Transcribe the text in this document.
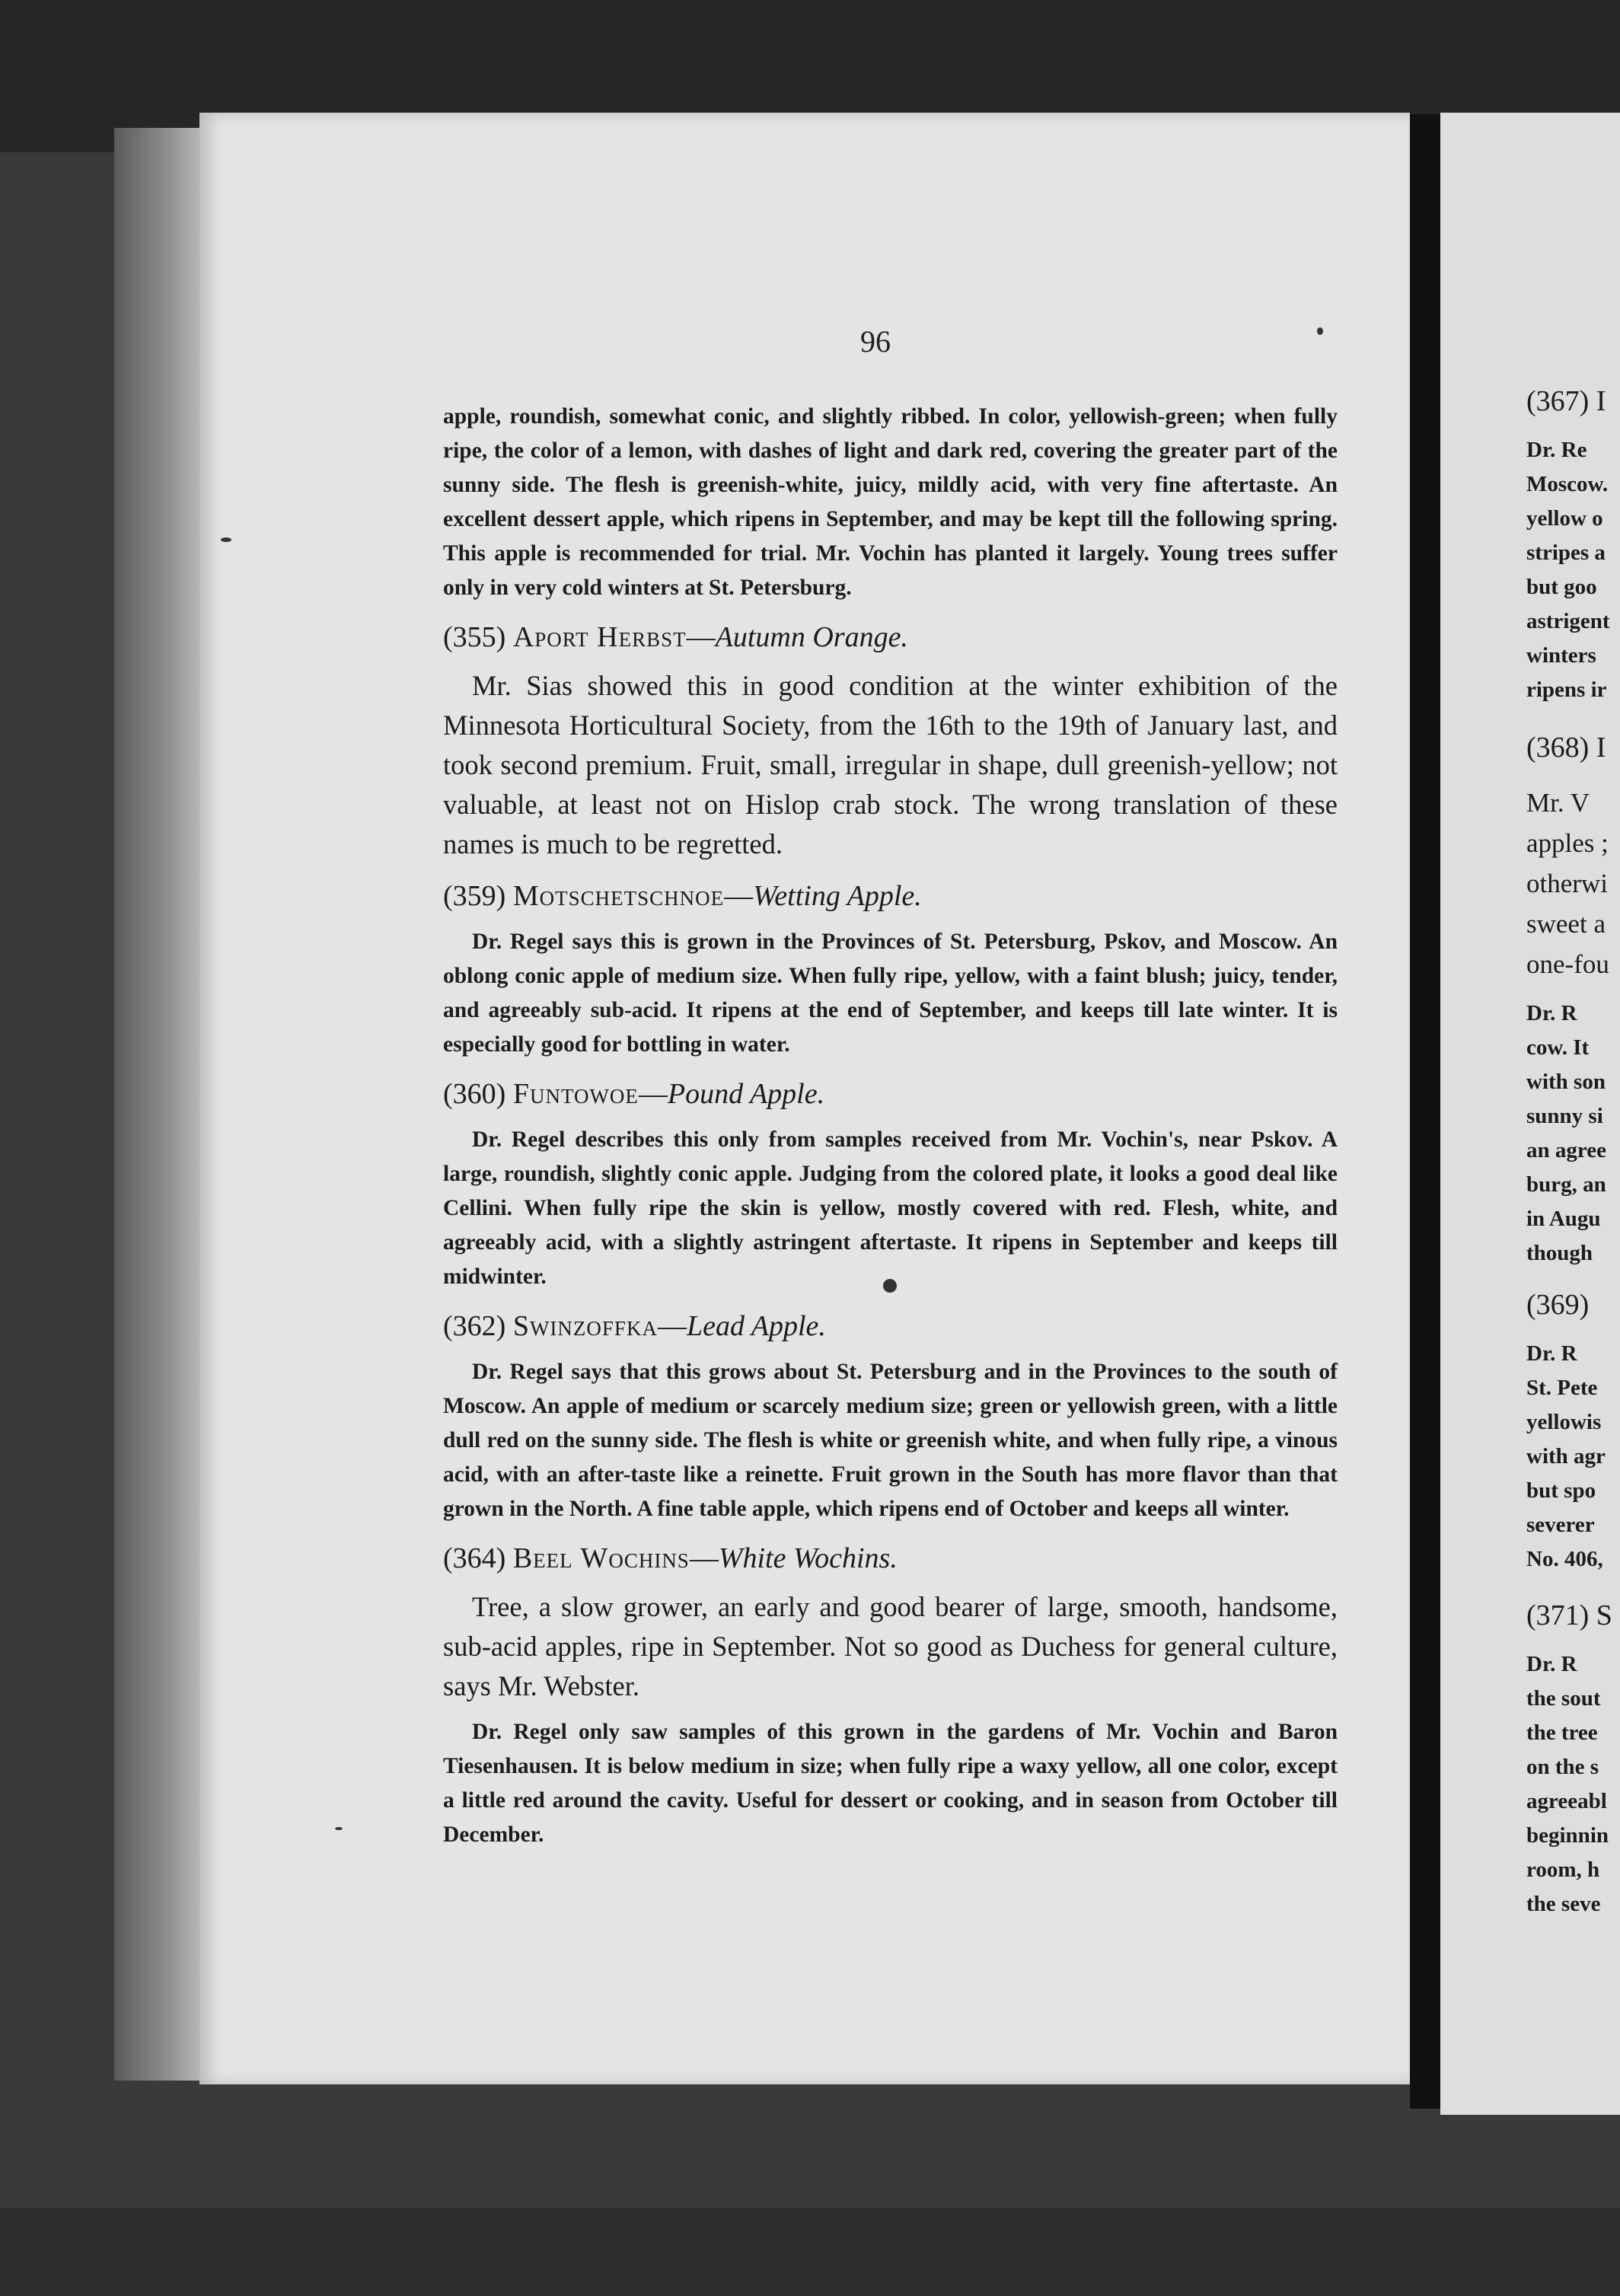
96

apple, roundish, somewhat conic, and slightly ribbed. In color, yellowish-green; when fully ripe, the color of a lemon, with dashes of light and dark red, covering the greater part of the sunny side. The flesh is greenish-white, juicy, mildly acid, with very fine aftertaste. An excellent dessert apple, which ripens in September, and may be kept till the following spring. This apple is recommended for trial. Mr. Vochin has planted it largely. Young trees suffer only in very cold winters at St. Petersburg.

(355) Aport Herbst—Autumn Orange.

Mr. Sias showed this in good condition at the winter exhibition of the Minnesota Horticultural Society, from the 16th to the 19th of January last, and took second premium. Fruit, small, irregular in shape, dull greenish-yellow; not valuable, at least not on Hislop crab stock. The wrong translation of these names is much to be regretted.

(359) Motschetschnoe—Wetting Apple.

Dr. Regel says this is grown in the Provinces of St. Petersburg, Pskov, and Moscow. An oblong conic apple of medium size. When fully ripe, yellow, with a faint blush; juicy, tender, and agreeably sub-acid. It ripens at the end of September, and keeps till late winter. It is especially good for bottling in water.

(360) Funtowoe—Pound Apple.

Dr. Regel describes this only from samples received from Mr. Vochin's, near Pskov. A large, roundish, slightly conic apple. Judging from the colored plate, it looks a good deal like Cellini. When fully ripe the skin is yellow, mostly covered with red. Flesh, white, and agreeably acid, with a slightly astringent aftertaste. It ripens in September and keeps till midwinter.

(362) Swinzoffka—Lead Apple.

Dr. Regel says that this grows about St. Petersburg and in the Provinces to the south of Moscow. An apple of medium or scarcely medium size; green or yellowish green, with a little dull red on the sunny side. The flesh is white or greenish white, and when fully ripe, a vinous acid, with an after-taste like a reinette. Fruit grown in the South has more flavor than that grown in the North. A fine table apple, which ripens end of October and keeps all winter.

(364) Beel Wochins—White Wochins.

Tree, a slow grower, an early and good bearer of large, smooth, handsome, sub-acid apples, ripe in September. Not so good as Duchess for general culture, says Mr. Webster.

Dr. Regel only saw samples of this grown in the gardens of Mr. Vochin and Baron Tiesenhausen. It is below medium in size; when fully ripe a waxy yellow, all one color, except a little red around the cavity. Useful for dessert or cooking, and in season from October till December.

(367) I
Dr. Re
Moscow.
yellow o
stripes a
but goo
astrigent
winters
ripens ir
(368) I
Mr. V
apples ;
otherwi
sweet a
one-fou
Dr. R
cow. It
with son
sunny si
an agree
burg, an
in Augu
though
(369)
Dr. R
St. Pete
yellowis
with agr
but spo
severer
No. 406,
(371) S
Dr. R
the sout
the tree
on the s
agreeabl
beginnin
room, h
the seve
